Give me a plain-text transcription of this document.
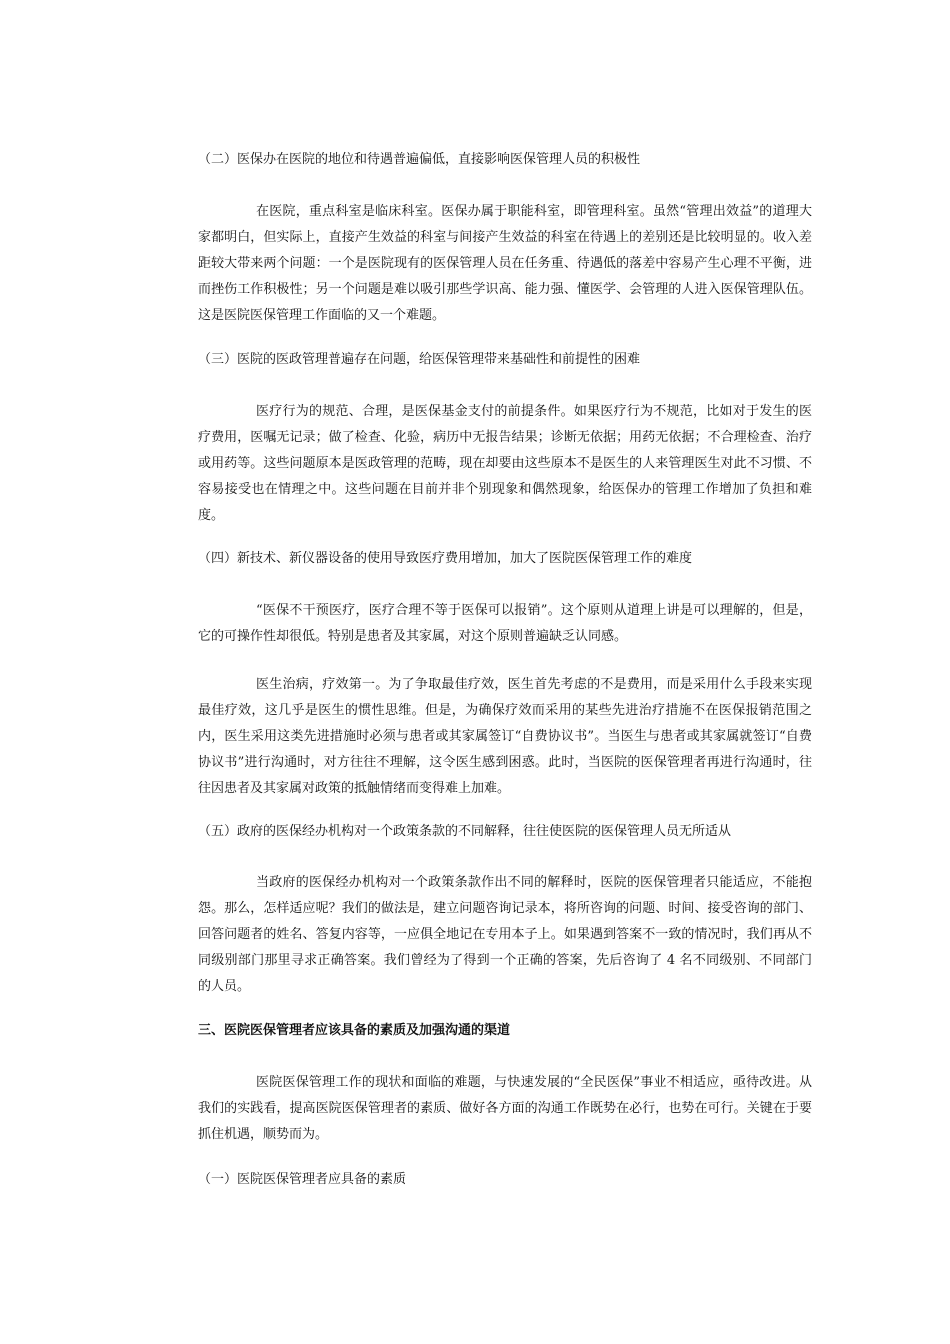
（二）医保办在医院的地位和待遇普遍偏低，直接影响医保管理人员的积极性

在医院，重点科室是临床科室。医保办属于职能科室，即管理科室。虽然“管理出效益”的道理大家都明白，但实际上，直接产生效益的科室与间接产生效益的科室在待遇上的差别还是比较明显的。收入差距较大带来两个问题：一个是医院现有的医保管理人员在任务重、待遇低的落差中容易产生心理不平衡，进而挫伤工作积极性；另一个问题是难以吸引那些学识高、能力强、懂医学、会管理的人进入医保管理队伍。这是医院医保管理工作面临的又一个难题。

（三）医院的医政管理普遍存在问题，给医保管理带来基础性和前提性的困难

医疗行为的规范、合理，是医保基金支付的前提条件。如果医疗行为不规范，比如对于发生的医疗费用，医嘱无记录；做了检查、化验，病历中无报告结果；诊断无依据；用药无依据；不合理检查、治疗或用药等。这些问题原本是医政管理的范畴，现在却要由这些原本不是医生的人来管理医生对此不习惯、不容易接受也在情理之中。这些问题在目前并非个别现象和偶然现象，给医保办的管理工作增加了负担和难度。

（四）新技术、新仪器设备的使用导致医疗费用增加，加大了医院医保管理工作的难度

“医保不干预医疗，医疗合理不等于医保可以报销”。这个原则从道理上讲是可以理解的，但是，它的可操作性却很低。特别是患者及其家属，对这个原则普遍缺乏认同感。

医生治病，疗效第一。为了争取最佳疗效，医生首先考虑的不是费用，而是采用什么手段来实现最佳疗效，这几乎是医生的惯性思维。但是，为确保疗效而采用的某些先进治疗措施不在医保报销范围之内，医生采用这类先进措施时必须与患者或其家属签订“自费协议书”。当医生与患者或其家属就签订“自费协议书”进行沟通时，对方往往不理解，这令医生感到困惑。此时，当医院的医保管理者再进行沟通时，往往因患者及其家属对政策的抵触情绪而变得难上加难。

（五）政府的医保经办机构对一个政策条款的不同解释，往往使医院的医保管理人员无所适从

当政府的医保经办机构对一个政策条款作出不同的解释时，医院的医保管理者只能适应，不能抱怨。那么，怎样适应呢？我们的做法是，建立问题咨询记录本，将所咨询的问题、时间、接受咨询的部门、回答问题者的姓名、答复内容等，一应俱全地记在专用本子上。如果遇到答案不一致的情况时，我们再从不同级别部门那里寻求正确答案。我们曾经为了得到一个正确的答案，先后咨询了 4 名不同级别、不同部门的人员。

三、医院医保管理者应该具备的素质及加强沟通的渠道

医院医保管理工作的现状和面临的难题，与快速发展的“全民医保”事业不相适应，亟待改进。从我们的实践看，提高医院医保管理者的素质、做好各方面的沟通工作既势在必行，也势在可行。关键在于要抓住机遇，顺势而为。

（一）医院医保管理者应具备的素质
